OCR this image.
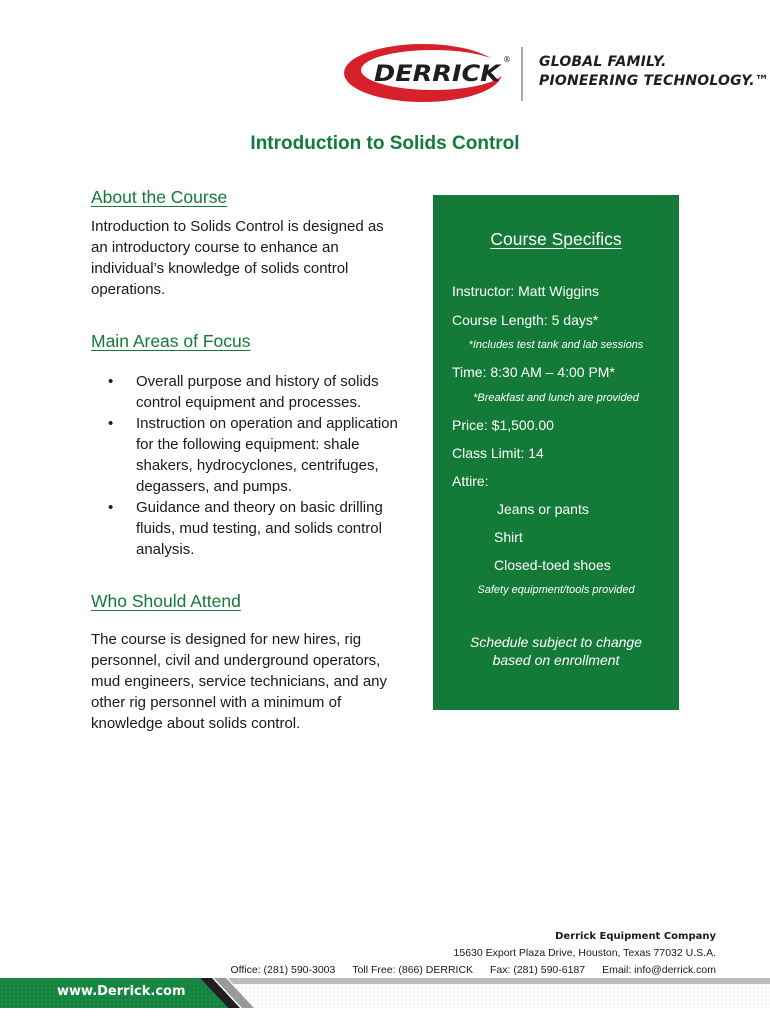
DERRICK
® GLOBAL FAMILY.
PIONEERING TECHNOLOGY.™
Introduction to Solids Control
About the Course
Introduction to Solids Control is designed as
an introductory course to enhance an
individual’s knowledge of solids control
operations.
Main Areas of Focus
• Overall purpose and history of solids
control equipment and processes.
• Instruction on operation and application
for the following equipment: shale
shakers, hydrocyclones, centrifuges,
degassers, and pumps.
• Guidance and theory on basic drilling
fluids, mud testing, and solids control
analysis.
Who Should Attend
The course is designed for new hires, rig
personnel, civil and underground operators,
mud engineers, service technicians, and any
other rig personnel with a minimum of
knowledge about solids control.
Course Specifics
Instructor: Matt Wiggins
Course Length: 5 days*
*Includes test tank and lab sessions
Time: 8:30 AM – 4:00 PM*
*Breakfast and lunch are provided
Price: $1,500.00
Class Limit: 14
Attire:
Jeans or pants
Shirt
Closed-toed shoes
Safety equipment/tools provided
Schedule subject to change
based on enrollment
Derrick Equipment Company
15630 Export Plaza Drive, Houston, Texas 77032 U.S.A.
Office: (281) 590-3003 Toll Free: (866) DERRICK Fax: (281) 590-6187 Email: info@derrick.com
www.Derrick.com
